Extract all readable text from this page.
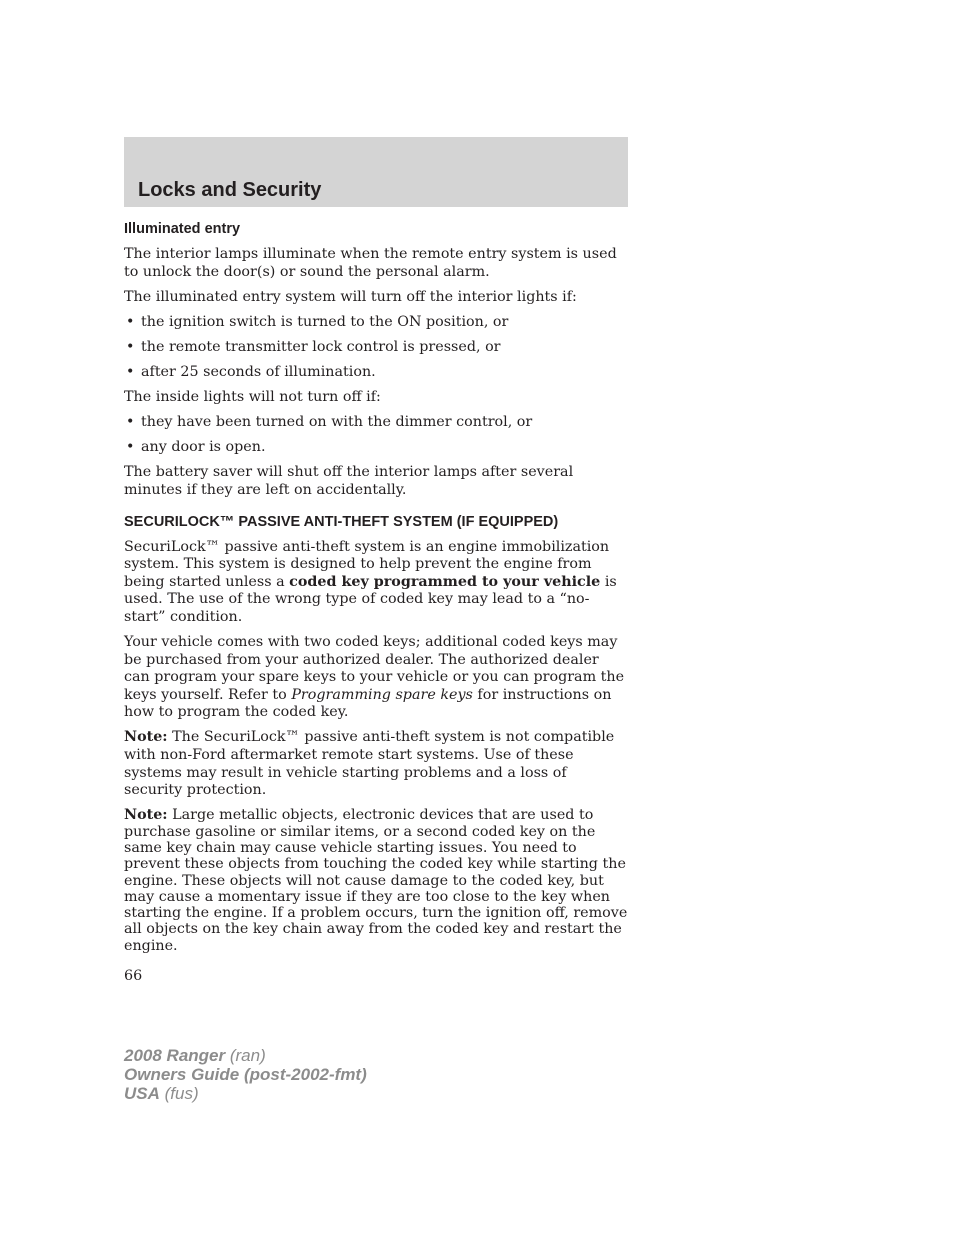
Locks and Security
Illuminated entry

The interior lamps illuminate when the remote entry system is used to unlock the door(s) or sound the personal alarm.

The illuminated entry system will turn off the interior lights if:

• the ignition switch is turned to the ON position, or
• the remote transmitter lock control is pressed, or
• after 25 seconds of illumination.

The inside lights will not turn off if:

• they have been turned on with the dimmer control, or
• any door is open.

The battery saver will shut off the interior lamps after several minutes if they are left on accidentally.

SECURILOCK™ PASSIVE ANTI-THEFT SYSTEM (IF EQUIPPED)

SecuriLock™ passive anti-theft system is an engine immobilization system. This system is designed to help prevent the engine from being started unless a coded key programmed to your vehicle is used. The use of the wrong type of coded key may lead to a “no-start” condition.

Your vehicle comes with two coded keys; additional coded keys may be purchased from your authorized dealer. The authorized dealer can program your spare keys to your vehicle or you can program the keys yourself. Refer to Programming spare keys for instructions on how to program the coded key.

Note: The SecuriLock™ passive anti-theft system is not compatible with non-Ford aftermarket remote start systems. Use of these systems may result in vehicle starting problems and a loss of security protection.

Note: Large metallic objects, electronic devices that are used to purchase gasoline or similar items, or a second coded key on the same key chain may cause vehicle starting issues. You need to prevent these objects from touching the coded key while starting the engine. These objects will not cause damage to the coded key, but may cause a momentary issue if they are too close to the key when starting the engine. If a problem occurs, turn the ignition off, remove all objects on the key chain away from the coded key and restart the engine.

66
2008 Ranger (ran)
Owners Guide (post-2002-fmt)
USA (fus)
